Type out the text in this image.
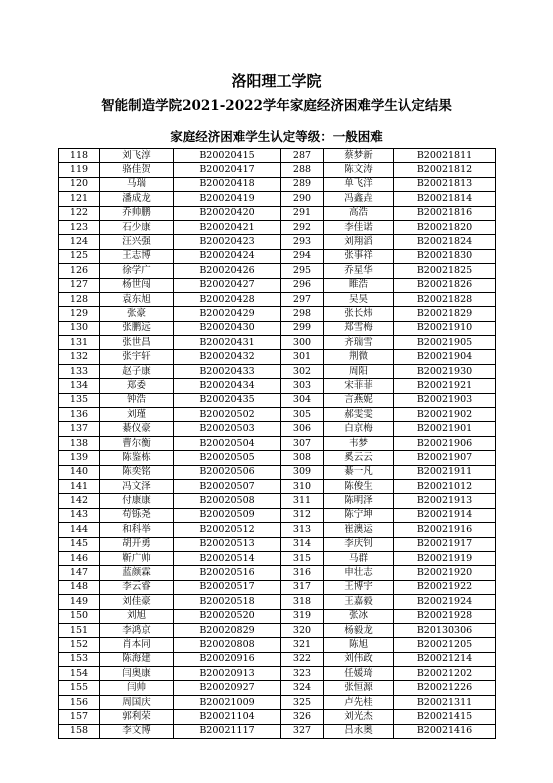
洛阳理工学院
智能制造学院2021-2022学年家庭经济困难学生认定结果
家庭经济困难学生认定等级：一般困难
118	刘飞淳	B20020415	287	蔡梦新	B20021811
119	骆佳贺	B20020417	288	陈文涛	B20021812
120	马瑞	B20020418	289	单飞洋	B20021813
121	潘成龙	B20020419	290	冯鑫垚	B20021814
122	乔帅鹏	B20020420	291	高浩	B20021816
123	石少康	B20020421	292	李佳诺	B20021820
124	汪兴强	B20020423	293	刘翔滔	B20021824
125	王志博	B20020424	294	张事祥	B20021830
126	徐学广	B20020426	295	乔星华	B20021825
127	杨世闯	B20020427	296	睢浩	B20021826
128	袁东旭	B20020428	297	吴昊	B20021828
129	张豪	B20020429	298	张长炜	B20021829
130	张鹏远	B20020430	299	郑雪梅	B20021910
131	张世昌	B20020431	300	齐瑞雪	B20021905
132	张宇轩	B20020432	301	荆微	B20021904
133	赵子康	B20020433	302	周阳	B20021930
134	郑委	B20020434	303	宋菲菲	B20021921
135	钟浩	B20020435	304	言燕妮	B20021903
136	刘瑾	B20020502	305	郝雯雯	B20021902
137	綦仪豪	B20020503	306	白京梅	B20021901
138	曹尔衡	B20020504	307	韦梦	B20021906
139	陈鉴栋	B20020505	308	奚云云	B20021907
140	陈奕铭	B20020506	309	綦一凡	B20021911
141	冯文泽	B20020507	310	陈俊生	B20021012
142	付康康	B20020508	311	陈明泽	B20021913
143	苟铄尧	B20020509	312	陈宁坤	B20021914
144	和科举	B20020512	313	崔澳运	B20021916
145	胡开勇	B20020513	314	李庆钊	B20021917
146	靳广帅	B20020514	315	马群	B20021919
147	蓝颜霖	B20020516	316	申壮志	B20021920
148	李云睿	B20020517	317	王博宇	B20021922
149	刘佳豪	B20020518	318	王嘉毅	B20021924
150	刘旭	B20020520	319	张冰	B20021928
151	李鸿京	B20020829	320	杨毅龙	B20130306
152	肖本同	B20020808	321	陈旭	B20021205
153	陈海建	B20020916	322	刘伟政	B20021214
154	闫奥康	B20020913	323	任媛琦	B20021202
155	闫帅	B20020927	324	张恒源	B20021226
156	周国庆	B20021009	325	卢先桂	B20021311
157	郭利荣	B20021104	326	刘光杰	B20021415
158	李文博	B20021117	327	吕永奥	B20021416
